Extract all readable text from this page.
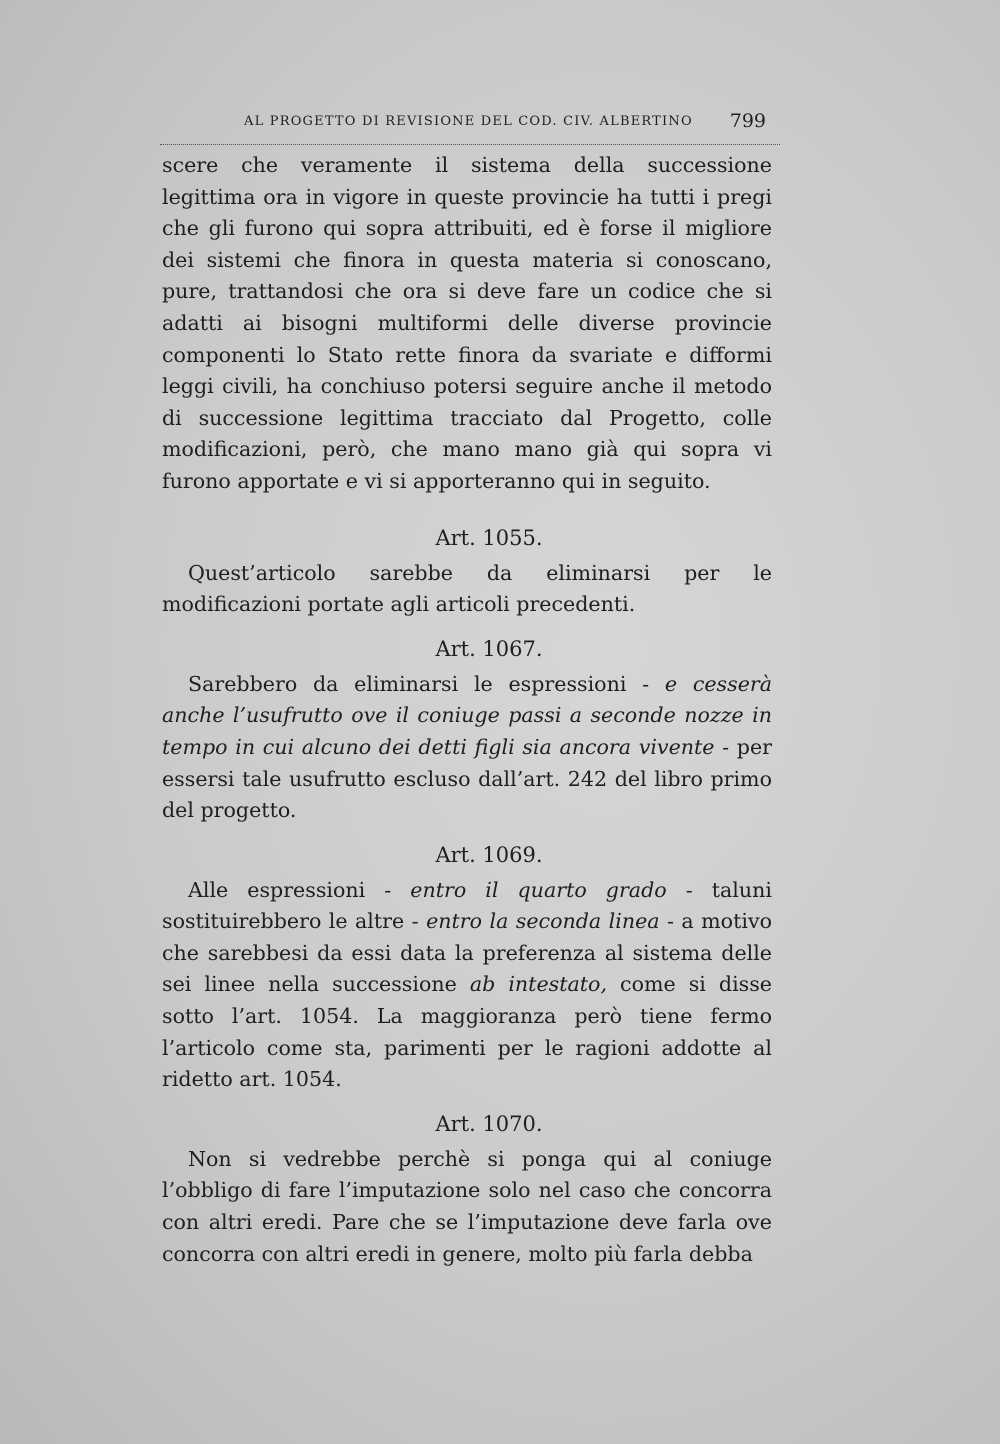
AL PROGETTO DI REVISIONE DEL COD. CIV. ALBERTINO 799

scere che veramente il sistema della successione legittima ora in vigore in queste provincie ha tutti i pregi che gli furono qui sopra attribuiti, ed è forse il migliore dei sistemi che finora in questa materia si conoscano, pure, trattandosi che ora si deve fare un codice che si adatti ai bisogni multiformi delle diverse provincie componenti lo Stato rette finora da svariate e difformi leggi civili, ha conchiuso potersi seguire anche il metodo di successione legittima tracciato dal Progetto, colle modificazioni, però, che mano mano già qui sopra vi furono apportate e vi si apporteranno qui in seguito.

Art. 1055.

Quest’articolo sarebbe da eliminarsi per le modificazioni portate agli articoli precedenti.

Art. 1067.

Sarebbero da eliminarsi le espressioni - e cesserà anche l’usufrutto ove il coniuge passi a seconde nozze in tempo in cui alcuno dei detti figli sia ancora vivente - per essersi tale usufrutto escluso dall’art. 242 del libro primo del progetto.

Art. 1069.

Alle espressioni - entro il quarto grado - taluni sostituirebbero le altre - entro la seconda linea - a motivo che sarebbesi da essi data la preferenza al sistema delle sei linee nella successione ab intestato, come si disse sotto l’art. 1054. La maggioranza però tiene fermo l’articolo come sta, parimenti per le ragioni addotte al ridetto art. 1054.

Art. 1070.

Non si vedrebbe perchè si ponga qui al coniuge l’obbligo di fare l’imputazione solo nel caso che concorra con altri eredi. Pare che se l’imputazione deve farla ove concorra con altri eredi in genere, molto più farla debba
